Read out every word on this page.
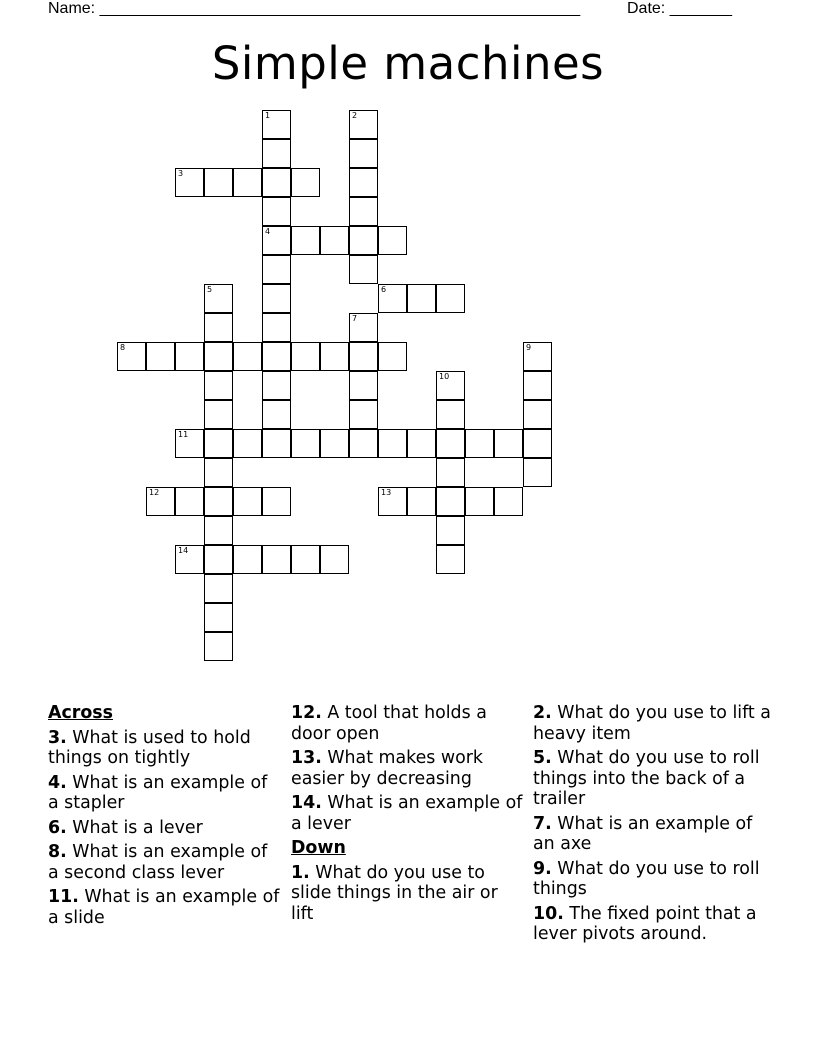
Name: ______________________________________________________	Date: _______
Simple machines
1	2
3
4
5	6
7
8	9
10
11
12	13
14
Across
3. What is used to hold things on tightly
4. What is an example of a stapler
6. What is a lever
8. What is an example of a second class lever
11. What is an example of a slide
12. A tool that holds a door open
13. What makes work easier by decreasing
14. What is an example of a lever
Down
1. What do you use to slide things in the air or lift
2. What do you use to lift a heavy item
5. What do you use to roll things into the back of a trailer
7. What is an example of an axe
9. What do you use to roll things
10. The fixed point that a lever pivots around.
